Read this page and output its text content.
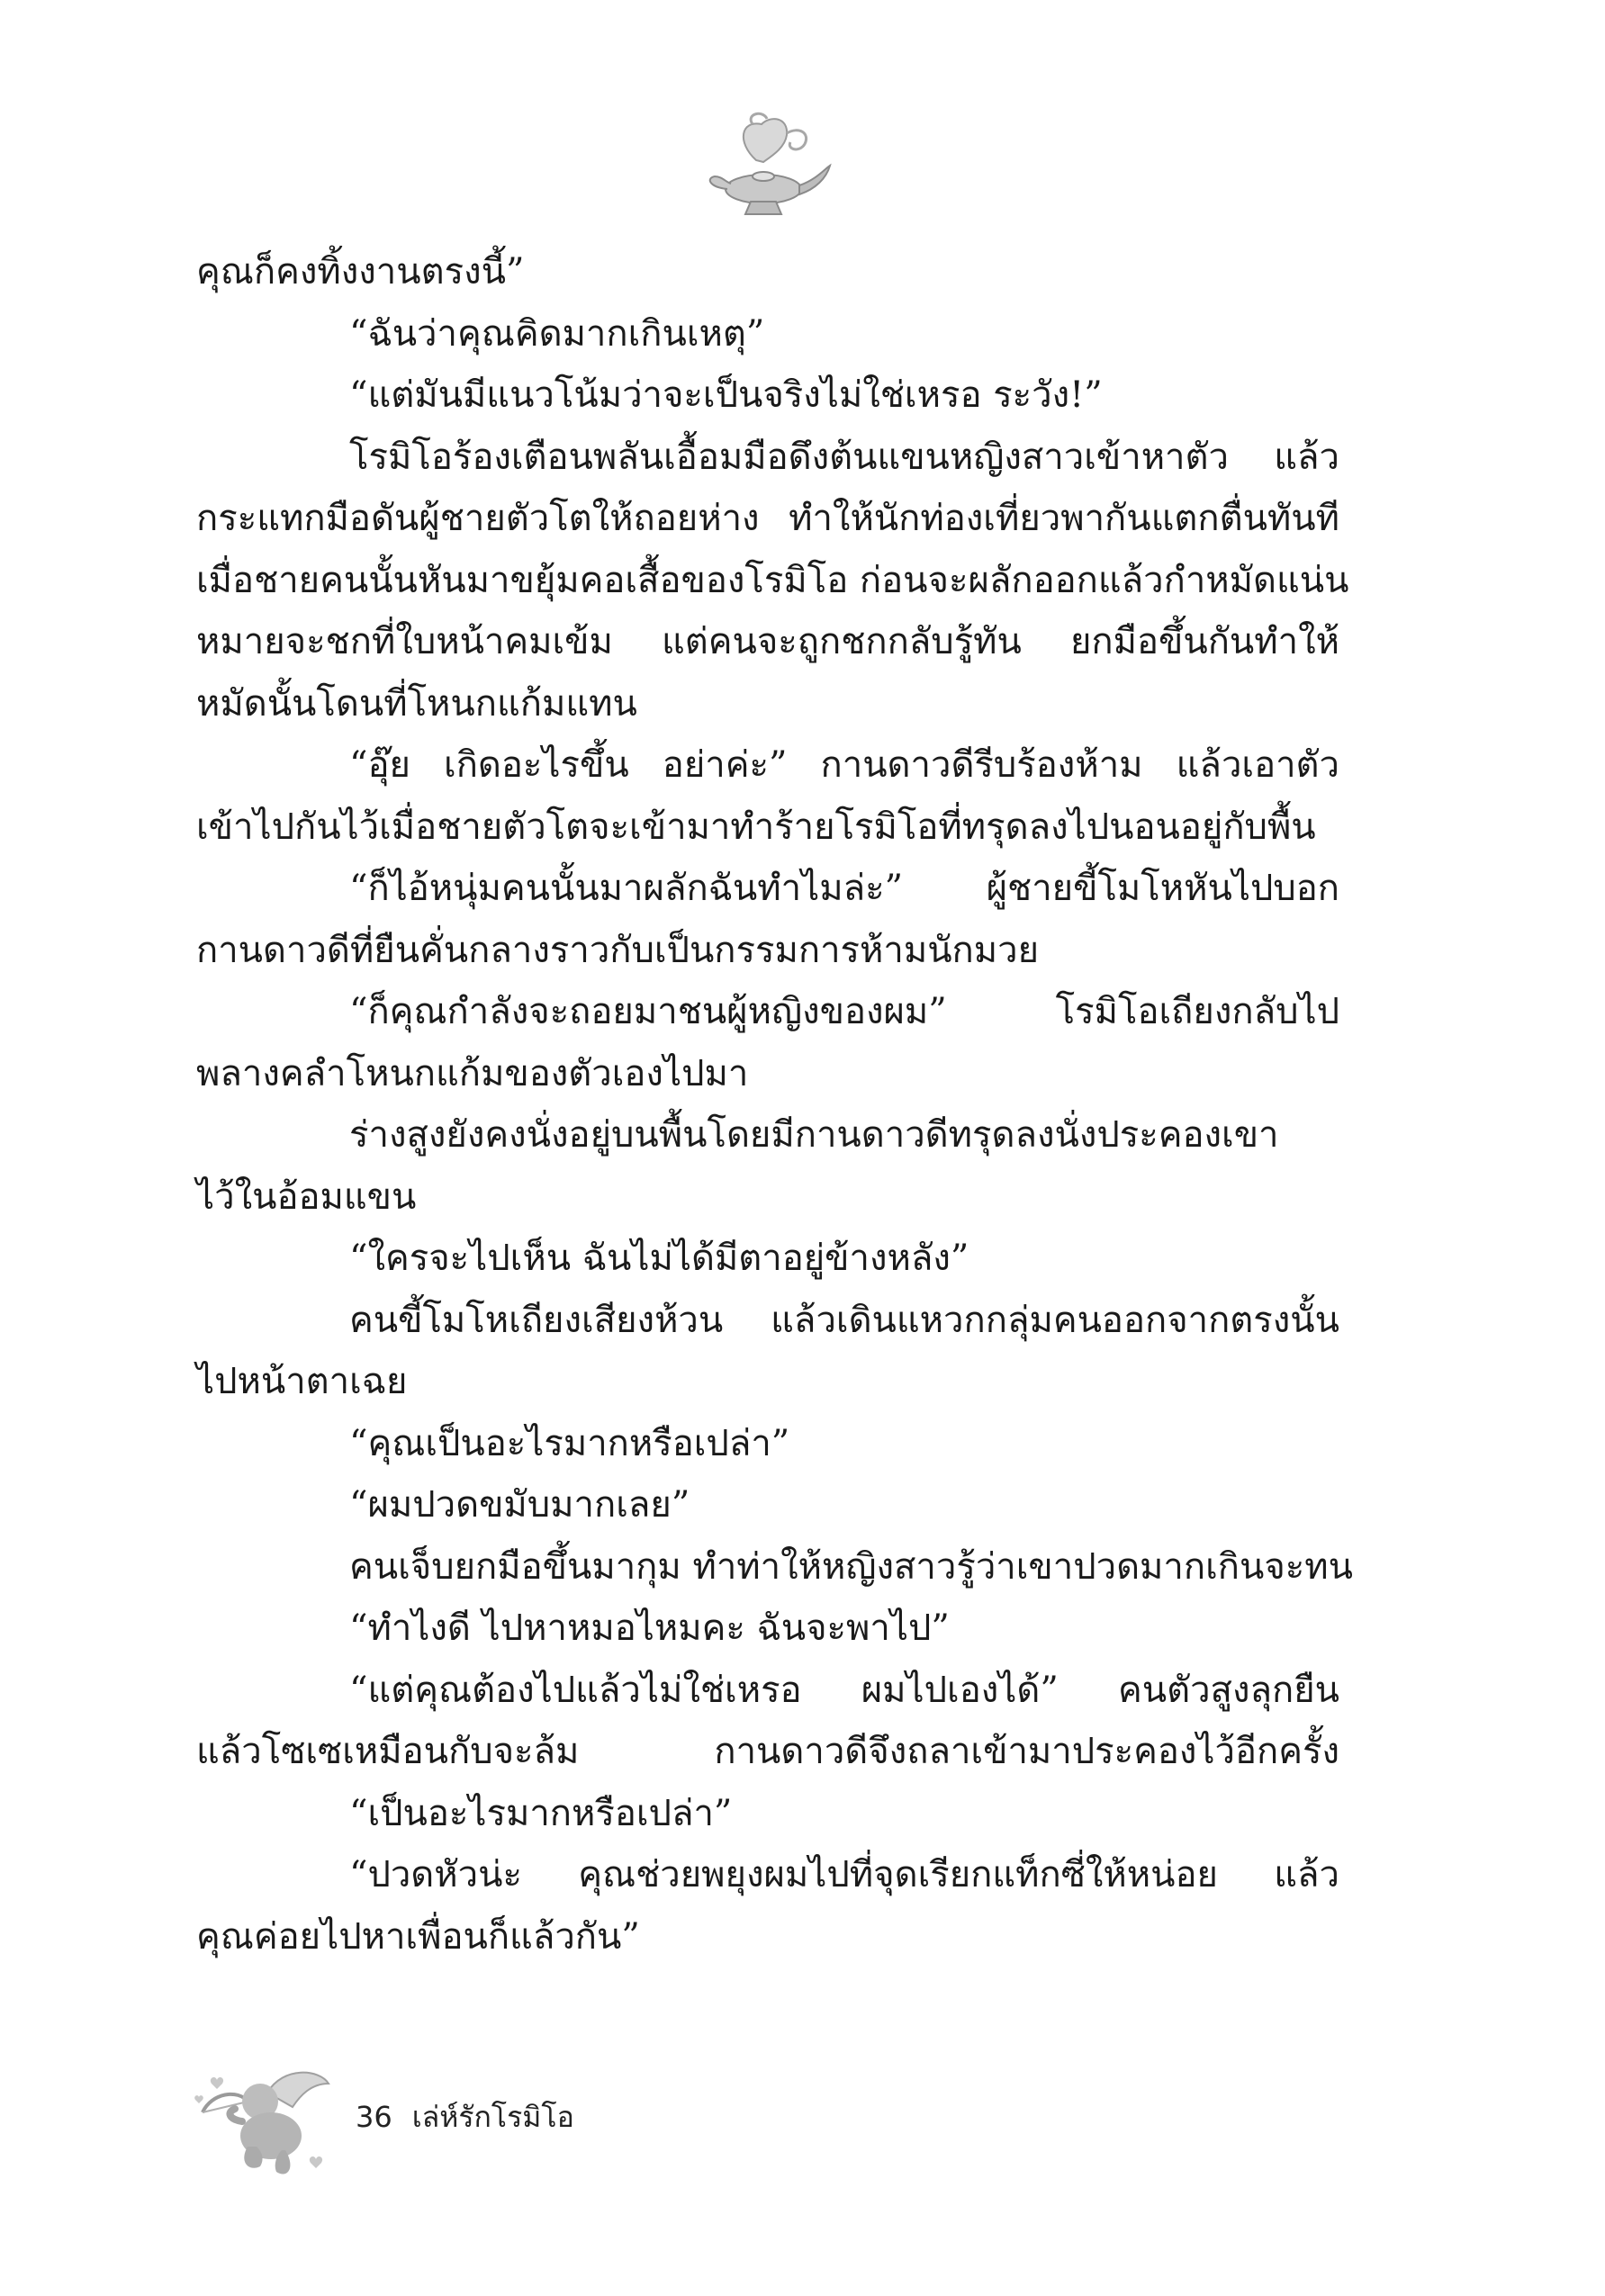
คุณก็คงทิ้งงานตรงนี้”
“ฉันว่าคุณคิดมากเกินเหตุ”
“แต่มันมีแนวโน้มว่าจะเป็นจริงไม่ใช่เหรอ ระวัง!”
โรมิโอร้องเตือนพลันเอื้อมมือดึงต้นแขนหญิงสาวเข้าหาตัว แล้ว
กระแทกมือดันผู้ชายตัวโตให้ถอยห่าง ทำให้นักท่องเที่ยวพากันแตกตื่นทันที
เมื่อชายคนนั้นหันมาขยุ้มคอเสื้อของโรมิโอ ก่อนจะผลักออกแล้วกำหมัดแน่น
หมายจะชกที่ใบหน้าคมเข้ม แต่คนจะถูกชกกลับรู้ทัน ยกมือขึ้นกันทำให้
หมัดนั้นโดนที่โหนกแก้มแทน
“อุ๊ย เกิดอะไรขึ้น อย่าค่ะ” กานดาวดีรีบร้องห้าม แล้วเอาตัว
เข้าไปกันไว้เมื่อชายตัวโตจะเข้ามาทำร้ายโรมิโอที่ทรุดลงไปนอนอยู่กับพื้น
“ก็ไอ้หนุ่มคนนั้นมาผลักฉันทำไมล่ะ” ผู้ชายขี้โมโหหันไปบอก
กานดาวดีที่ยืนคั่นกลางราวกับเป็นกรรมการห้ามนักมวย
“ก็คุณกำลังจะถอยมาชนผู้หญิงของผม” โรมิโอเถียงกลับไป
พลางคลำโหนกแก้มของตัวเองไปมา
ร่างสูงยังคงนั่งอยู่บนพื้นโดยมีกานดาวดีทรุดลงนั่งประคองเขา
ไว้ในอ้อมแขน
“ใครจะไปเห็น ฉันไม่ได้มีตาอยู่ข้างหลัง”
คนขี้โมโหเถียงเสียงห้วน แล้วเดินแหวกกลุ่มคนออกจากตรงนั้น
ไปหน้าตาเฉย
“คุณเป็นอะไรมากหรือเปล่า”
“ผมปวดขมับมากเลย”
คนเจ็บยกมือขึ้นมากุม ทำท่าให้หญิงสาวรู้ว่าเขาปวดมากเกินจะทน
“ทำไงดี ไปหาหมอไหมคะ ฉันจะพาไป”
“แต่คุณต้องไปแล้วไม่ใช่เหรอ ผมไปเองได้” คนตัวสูงลุกยืน
แล้วโซเซเหมือนกับจะล้ม กานดาวดีจึงถลาเข้ามาประคองไว้อีกครั้ง
“เป็นอะไรมากหรือเปล่า”
“ปวดหัวน่ะ คุณช่วยพยุงผมไปที่จุดเรียกแท็กซี่ให้หน่อย แล้ว
คุณค่อยไปหาเพื่อนก็แล้วกัน”
36 เล่ห์รักโรมิโอ
